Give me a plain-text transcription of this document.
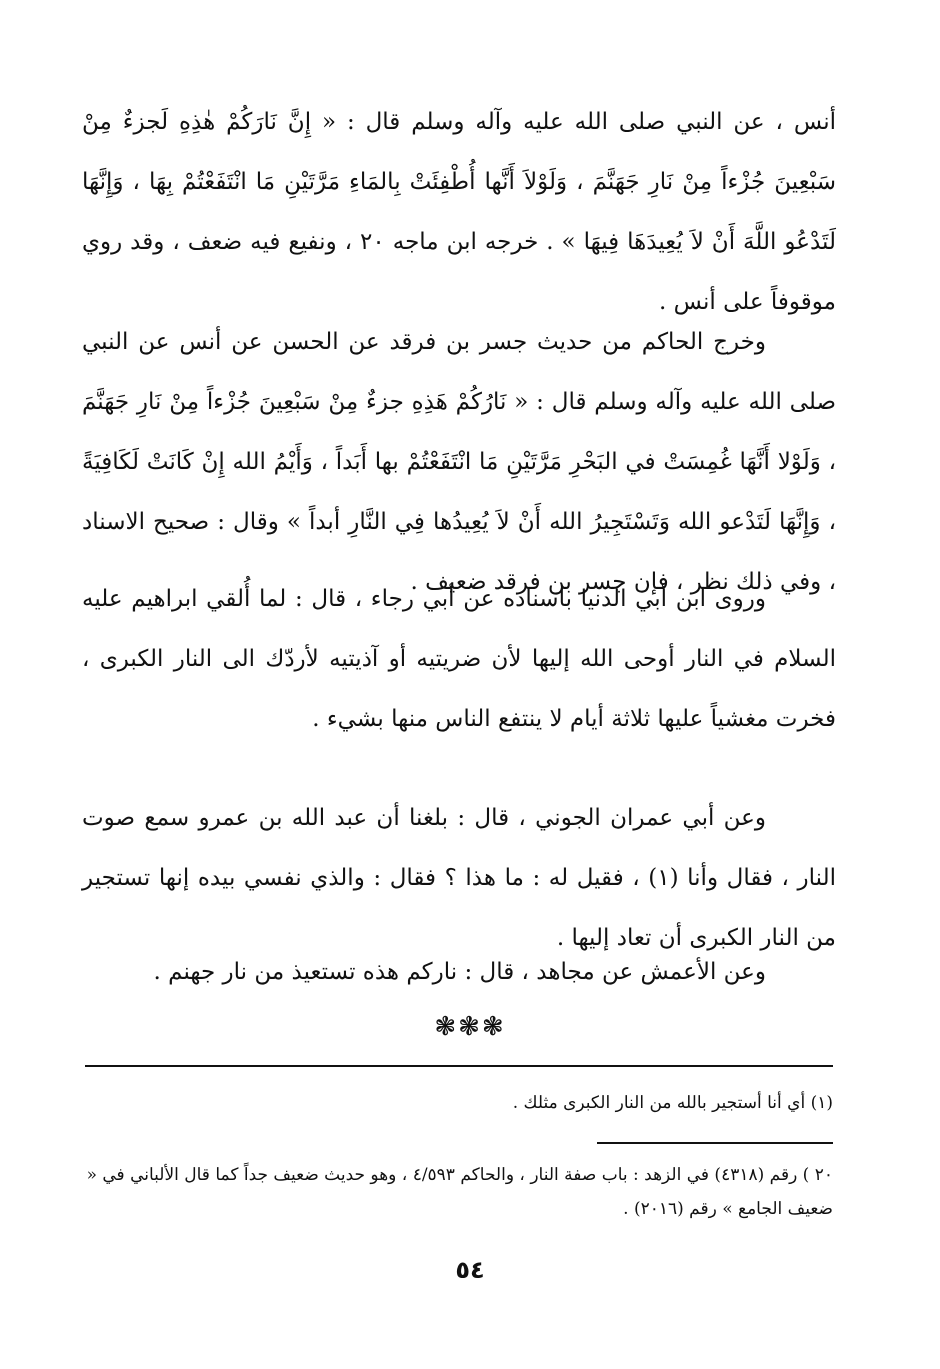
أنس ، عن النبي صلى الله عليه وآله وسلم قال : « إِنَّ نَارَكُمْ هٰذِهِ لَجزءٌ مِنْ سَبْعِينَ جُزْءاً مِنْ نَارِ جَهَنَّمَ ، وَلَوْلاَ أَنَّها أُطْفِئَتْ بِالمَاءِ مَرَّتَيْنِ مَا انْتَفَعْتُمْ بِهَا ، وَإِنَّهَا لَتَدْعُو اللَّهَ أَنْ لاَ يُعِيدَهَا فِيهَا » . خرجه ابن ماجه ٢٠ ، ونفيع فيه ضعف ، وقد روي موقوفاً على أنس .

وخرج الحاكم من حديث جسر بن فرقد عن الحسن عن أنس عن النبي صلى الله عليه وآله وسلم قال : « نَارُكُمْ هَذِهِ جزءٌ مِنْ سَبْعِينَ جُزْءاً مِنْ نَارِ جَهَنَّمَ ، وَلَوْلا أَنَّهَا غُمِسَتْ في البَحْرِ مَرَّتَيْنِ مَا انْتَفَعْتُمْ بها أَبَداً ، وَأَيْمُ الله إِنْ كَانَتْ لَكَافِيَةً ، وَإِنَّهَا لَتَدْعو الله وَتَسْتَجِيرُ الله أَنْ لاَ يُعِيدُها فِي النَّارِ أبداً » وقال : صحيح الاسناد ، وفي ذلك نظر ، فإن جسر بن فرقد ضعيف .

وروى ابن أبي الدنيا باسناده عن أبي رجاء ، قال : لما أُلقي ابراهيم عليه السلام في النار أوحى الله إليها لأن ضريتيه أو آذيتيه لأردّك الى النار الكبرى ، فخرت مغشياً عليها ثلاثة أيام لا ينتفع الناس منها بشيء .

وعن أبي عمران الجوني ، قال : بلغنا أن عبد الله بن عمرو سمع صوت النار ، فقال وأنا (١) ، فقيل له : ما هذا ؟ فقال : والذي نفسي بيده إنها تستجير من النار الكبرى أن تعاد إليها .

وعن الأعمش عن مجاهد ، قال : ناركم هذه تستعيذ من نار جهنم .

❃❃❃

(١) أي أنا أستجير بالله من النار الكبرى مثلك .

٢٠ ) رقم (٤٣١٨) في الزهد : باب صفة النار ، والحاكم ٤/٥٩٣ ، وهو حديث ضعيف جداً كما قال الألباني في « ضعيف الجامع » رقم (٢٠١٦) .

٥٤
